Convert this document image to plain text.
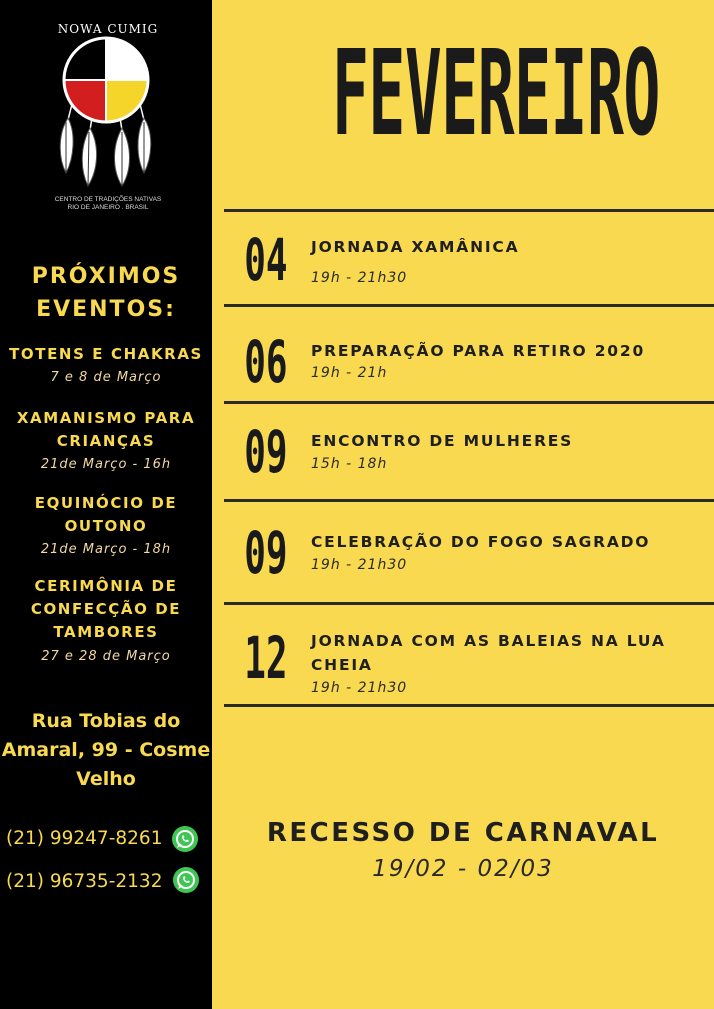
NOWA CUMIG
CENTRO DE TRADIÇÕES NATIVAS
RIO DE JANEIRO . BRASIL
PRÓXIMOS
EVENTOS:
TOTENS E CHAKRAS
7 e 8 de Março
XAMANISMO PARA
CRIANÇAS
21de Março - 16h
EQUINÓCIO DE
OUTONO
21de Março - 18h
CERIMÔNIA DE
CONFECÇÃO DE
TAMBORES
27 e 28 de Março
Rua Tobias do
Amaral, 99 - Cosme
Velho
(21) 99247-8261
(21) 96735-2132
FEVEREIRO
04 JORNADA XAMÂNICA
19h - 21h30
06 PREPARAÇÃO PARA RETIRO 2020
19h - 21h
09 ENCONTRO DE MULHERES
15h - 18h
09 CELEBRAÇÃO DO FOGO SAGRADO
19h - 21h30
12 JORNADA COM AS BALEIAS NA LUA
CHEIA
19h - 21h30
RECESSO DE CARNAVAL
19/02 - 02/03
